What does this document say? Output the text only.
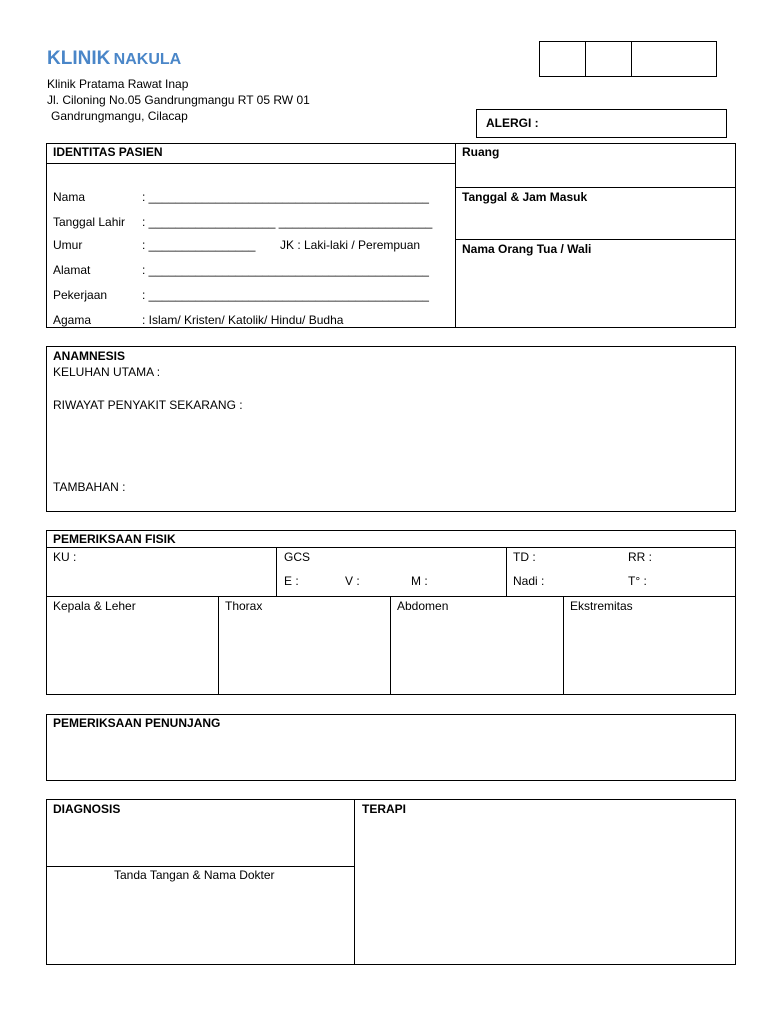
KLINIK NAKULA
Klinik Pratama Rawat Inap
Jl. Ciloning No.05 Gandrungmangu RT 05 RW 01
Gandrungmangu, Cilacap	ALERGI :
IDENTITAS PASIEN
Nama	: __________________________________________
Tanggal Lahir : ___________________ _______________________
Umur	: ________________ JK : Laki-laki / Perempuan
Alamat	: __________________________________________
Pekerjaan	: __________________________________________
Agama	: Islam/ Kristen/ Katolik/ Hindu/ Budha
Ruang
Tanggal & Jam Masuk
Nama Orang Tua / Wali
ANAMNESIS
KELUHAN UTAMA :
RIWAYAT PENYAKIT SEKARANG :
TAMBAHAN :
PEMERIKSAAN FISIK
KU :	GCS
E :	V :	M :
TD :	RR :
Nadi :	T° :
Kepala & Leher	Thorax	Abdomen	Ekstremitas
PEMERIKSAAN PENUNJANG
DIAGNOSIS
Tanda Tangan & Nama Dokter
TERAPI
